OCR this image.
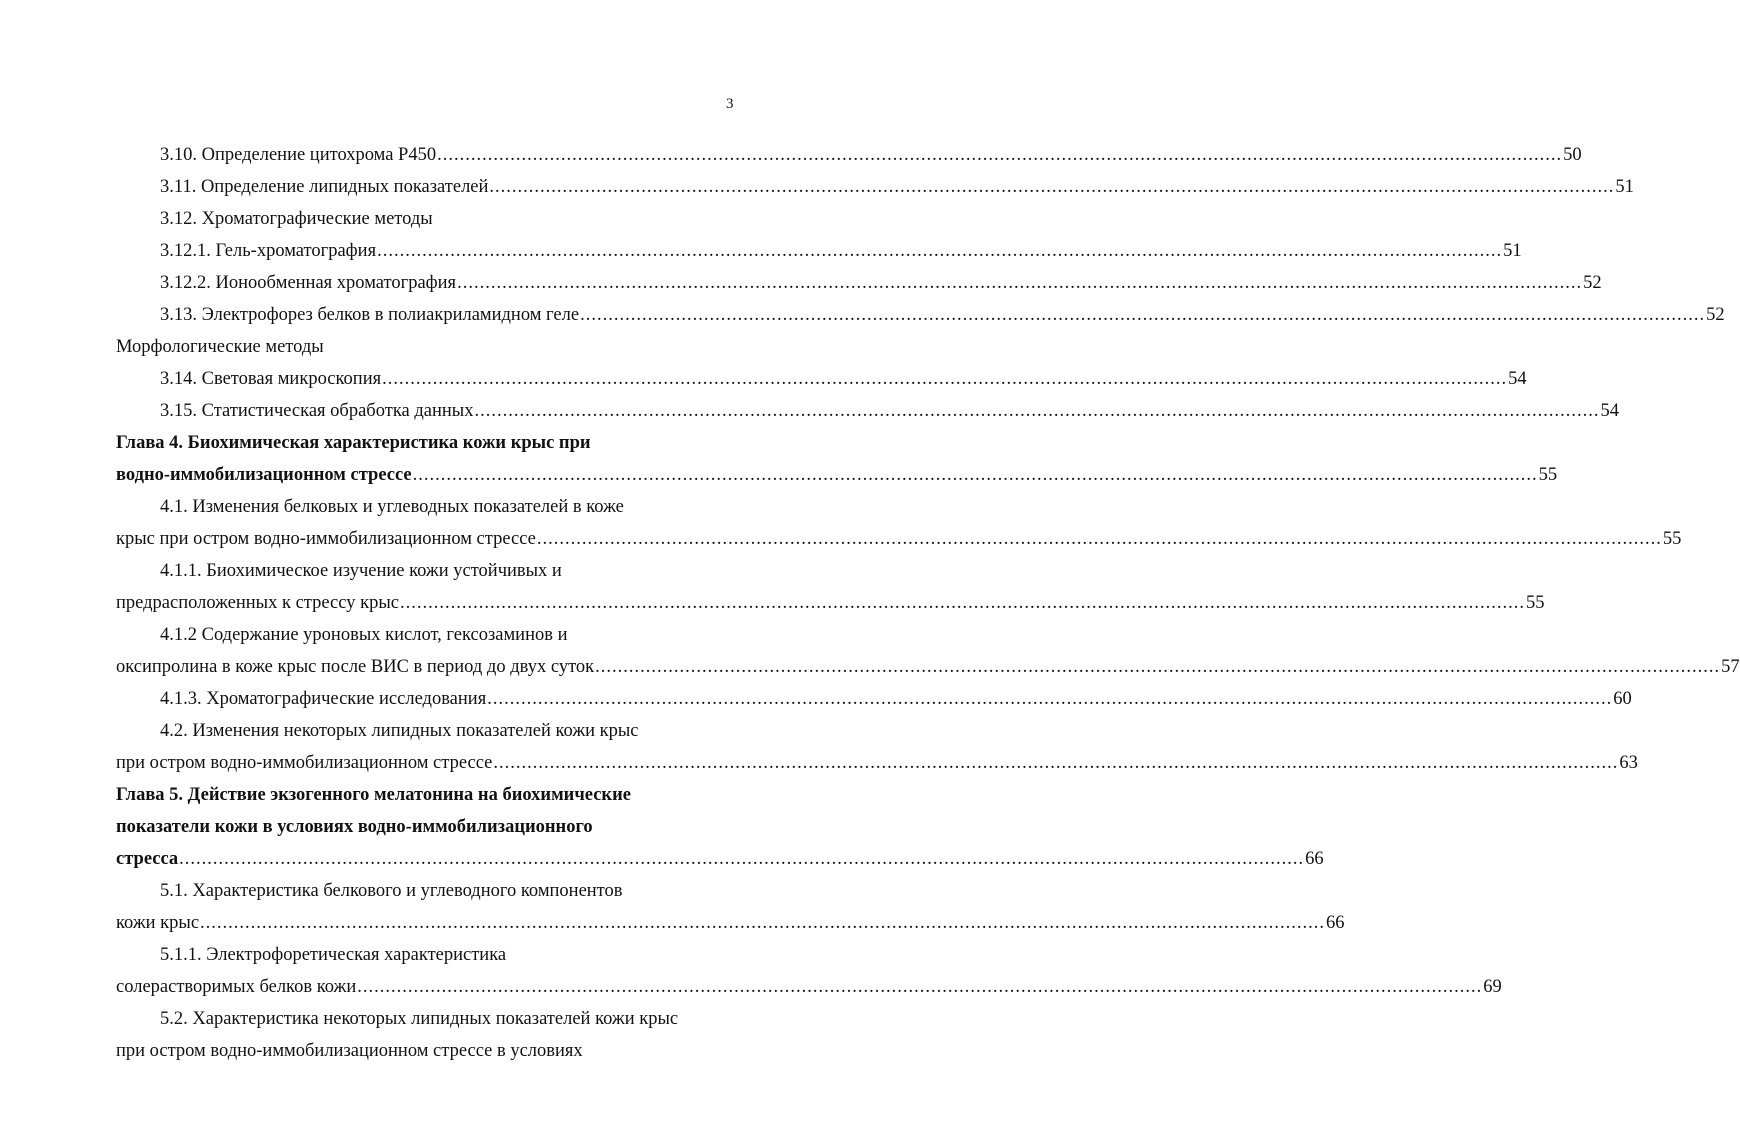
3
3.10. Определение цитохрома Р450 ........................................................................................................................................................................................................ 50
3.11. Определение липидных показателей ........................................................................................................................................................................................................ 51
3.12. Хроматографические методы
3.12.1. Гель-хроматография ........................................................................................................................................................................................................ 51
3.12.2. Ионообменная хроматография ........................................................................................................................................................................................................ 52
3.13. Электрофорез белков в полиакриламидном геле ........................................................................................................................................................................................................ 52
Морфологические методы
3.14. Световая микроскопия ........................................................................................................................................................................................................ 54
3.15. Статистическая обработка данных ........................................................................................................................................................................................................ 54
Глава 4. Биохимическая характеристика кожи крыс при
водно-иммобилизационном стрессе ........................................................................................................................................................................................................ 55
4.1. Изменения белковых и углеводных показателей в коже
крыс при остром водно-иммобилизационном стрессе ........................................................................................................................................................................................................ 55
4.1.1. Биохимическое изучение кожи устойчивых и
предрасположенных к стрессу крыс ........................................................................................................................................................................................................ 55
4.1.2 Содержание уроновых кислот, гексозаминов и
оксипролина в коже крыс после ВИС в период до двух суток ........................................................................................................................................................................................................ 57
4.1.3. Хроматографические исследования ........................................................................................................................................................................................................ 60
4.2. Изменения некоторых липидных показателей кожи крыс
при остром водно-иммобилизационном стрессе ........................................................................................................................................................................................................ 63
Глава 5. Действие экзогенного мелатонина на биохимические
показатели кожи в условиях водно-иммобилизационного
стресса ........................................................................................................................................................................................................ 66
5.1. Характеристика белкового и углеводного компонентов
кожи крыс ........................................................................................................................................................................................................ 66
5.1.1. Электрофоретическая характеристика
солерастворимых белков кожи ........................................................................................................................................................................................................ 69
5.2. Характеристика некоторых липидных показателей кожи крыс
при остром водно-иммобилизационном стрессе в условиях
